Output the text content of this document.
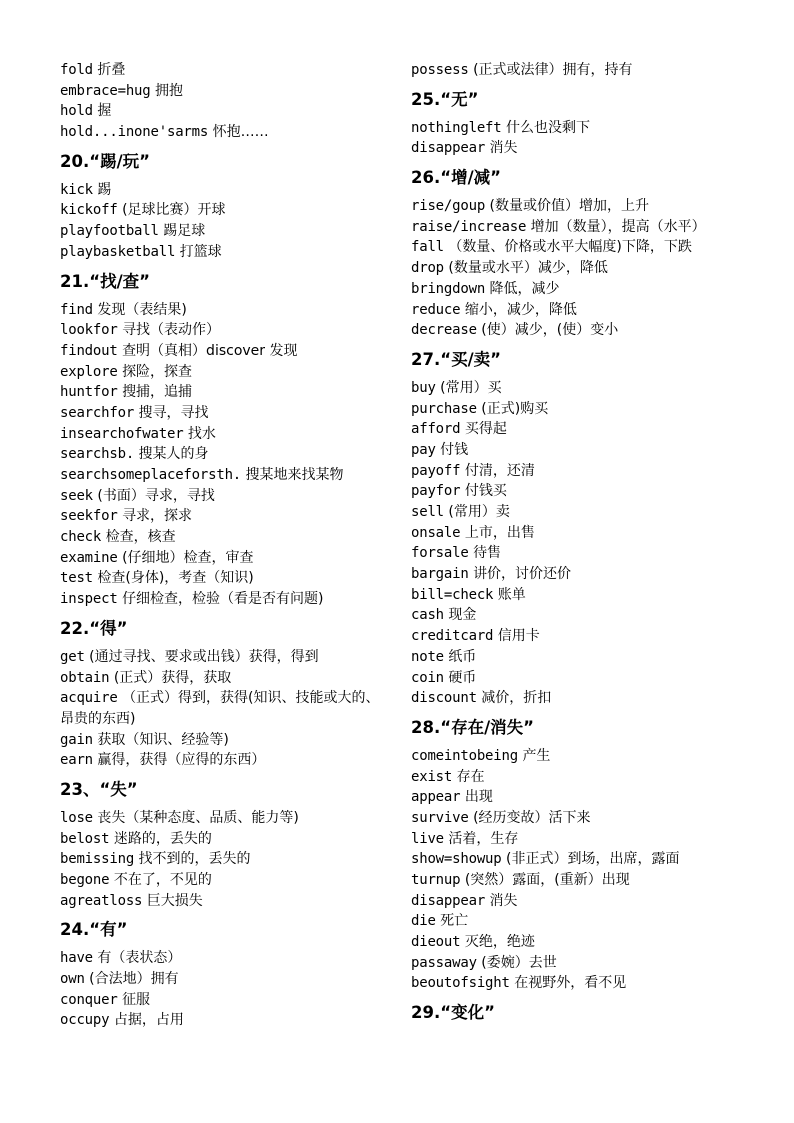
fold 折叠
embrace=hug 拥抱
hold 握
hold...inone'sarms 怀抱……
20.“踢/玩”
kick 踢
kickoff (足球比赛）开球
playfootball 踢足球
playbasketball 打篮球
21.“找/查”
find 发现（表结果)
lookfor 寻找（表动作）
findout 查明（真相）discover 发现
explore 探险，探查
huntfor 搜捕，追捕
searchfor 搜寻，寻找
insearchofwater 找水
searchsb. 搜某人的身
searchsomeplaceforsth. 搜某地来找某物
seek (书面）寻求，寻找
seekfor 寻求，探求
check 检查，核查
examine (仔细地）检查，审查
test 检查(身体)，考查（知识)
inspect 仔细检查，检验（看是否有问题)
22.“得”
get (通过寻找、要求或出钱）获得，得到
obtain (正式）获得，获取
acquire （正式）得到，获得(知识、技能或大的、昂贵的东西)
gain 获取（知识、经验等)
earn 赢得，获得（应得的东西）
23、“失”
lose 丧失（某种态度、品质、能力等)
belost 迷路的，丢失的
bemissing 找不到的，丢失的
begone 不在了，不见的
agreatloss 巨大损失
24.“有”
have 有（表状态）
own (合法地）拥有
conquer 征服
occupy 占据，占用
possess (正式或法律）拥有，持有
25.“无”
nothingleft 什么也没剩下
disappear 消失
26.“增/减”
rise/goup (数量或价值）增加，上升
raise/increase 增加（数量），提高（水平）
fall （数量、价格或水平大幅度)下降，下跌
drop (数量或水平）减少，降低
bringdown 降低，减少
reduce 缩小，减少，降低
decrease (使）减少，(使）变小
27.“买/卖”
buy (常用）买
purchase (正式)购买
afford 买得起
pay 付钱
payoff 付清，还清
payfor 付钱买
sell (常用）卖
onsale 上市，出售
forsale 待售
bargain 讲价，讨价还价
bill=check 账单
cash 现金
creditcard 信用卡
note 纸币
coin 硬币
discount 减价，折扣
28.“存在/消失”
comeintobeing 产生
exist 存在
appear 出现
survive (经历变故）活下来
live 活着，生存
show=showup (非正式）到场，出席，露面
turnup (突然）露面，(重新）出现
disappear 消失
die 死亡
dieout 灭绝，绝迹
passaway (委婉）去世
beoutofsight 在视野外，看不见
29.“变化”
